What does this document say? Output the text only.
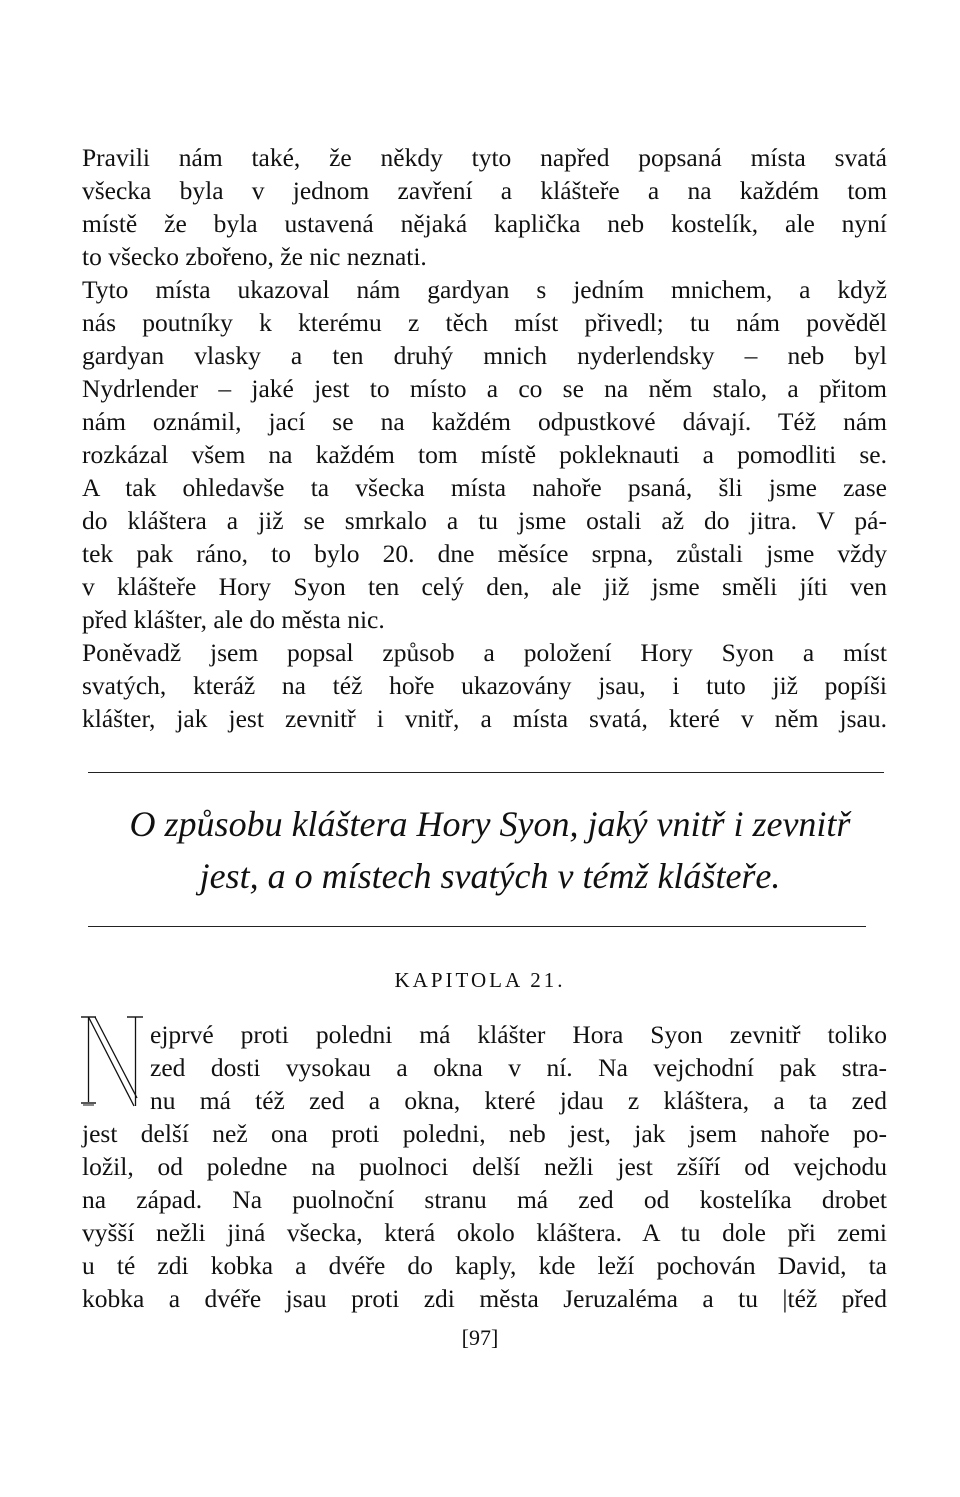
Pravili nám také, že někdy tyto napřed popsaná místa svatá
všecka byla v jednom zavření a klášteře a na každém tom
místě že byla ustavená nějaká kaplička neb kostelík, ale nyní
to všecko zbořeno, že nic neznati.
Tyto místa ukazoval nám gardyan s jedním mnichem, a když
nás poutníky k kterému z těch míst přivedl; tu nám pověděl
gardyan vlasky a ten druhý mnich nyderlendsky – neb byl
Nydrlender – jaké jest to místo a co se na něm stalo, a přitom
nám oznámil, jací se na každém odpustkové dávají. Též nám
rozkázal všem na každém tom místě pokleknauti a pomodliti se.
A tak ohledavše ta všecka místa nahoře psaná, šli jsme zase
do kláštera a již se smrkalo a tu jsme ostali až do jitra. V pá-
tek pak ráno, to bylo 20. dne měsíce srpna, zůstali jsme vždy
v klášteře Hory Syon ten celý den, ale již jsme směli jíti ven
před klášter, ale do města nic.
Poněvadž jsem popsal způsob a položení Hory Syon a míst
svatých, kteráž na též hoře ukazovány jsau, i tuto již popíši
klášter, jak jest zevnitř i vnitř, a místa svatá, které v něm jsau.
O způsobu kláštera Hory Syon, jaký vnitř i zevnitř
jest, a o místech svatých v témž klášteře.
KAPITOLA 21.
ejprvé proti poledni má klášter Hora Syon zevnitř toliko
zed dosti vysokau a okna v ní. Na vejchodní pak stra-
nu má též zed a okna, které jdau z kláštera, a ta zed
jest delší než ona proti poledni, neb jest, jak jsem nahoře po-
ložil, od poledne na puolnoci delší nežli jest zšíří od vejchodu
na západ. Na puolnoční stranu má zed od kostelíka drobet
vyšší nežli jiná všecka, která okolo kláštera. A tu dole při zemi
u té zdi kobka a dvéře do kaply, kde leží pochován David, ta
kobka a dvéře jsau proti zdi města Jeruzaléma a tu |též před
[97]
